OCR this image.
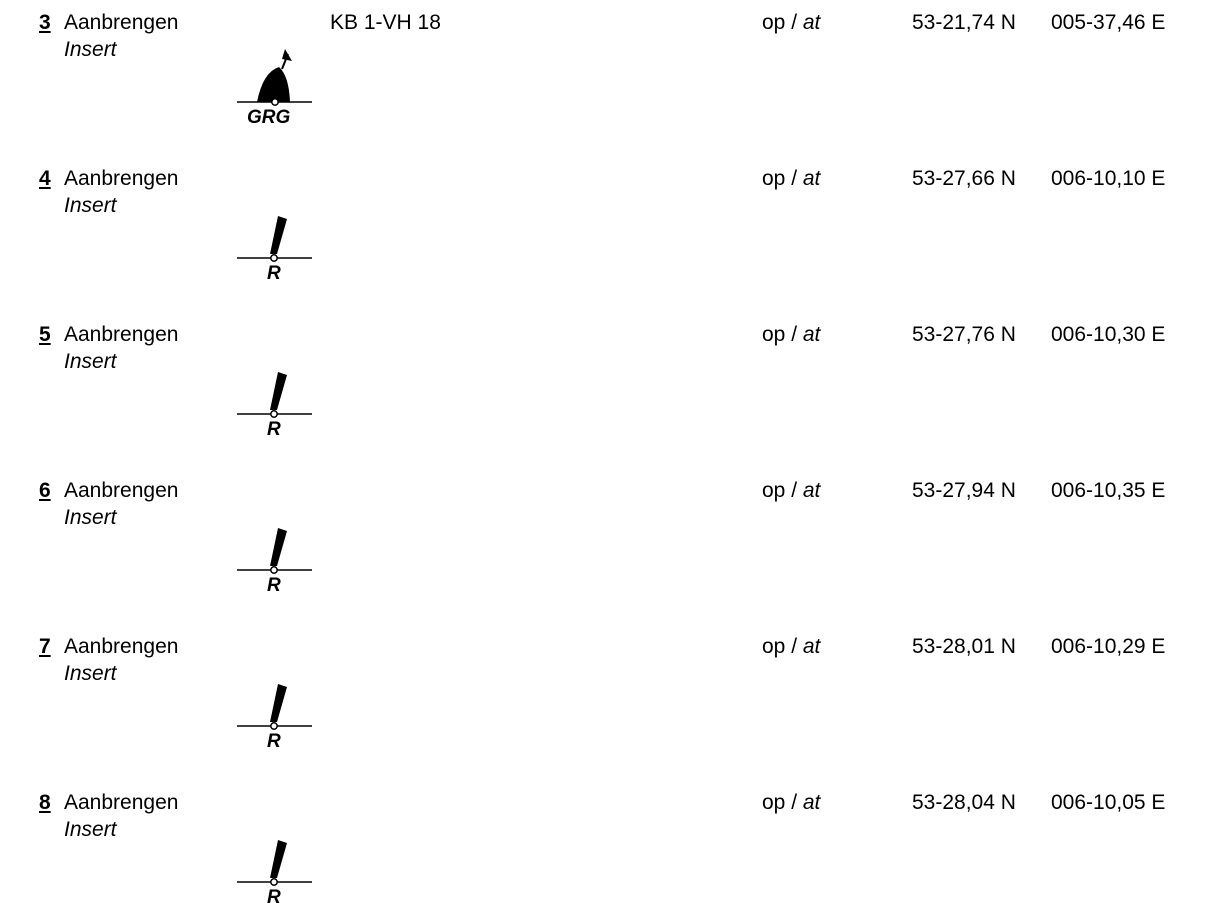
3 Aanbrengen
Insert
KB 1-VH 18	op / at	53-21,74 N 005-37,46 E
GRG
4 Aanbrengen
Insert
op / at	53-27,66 N 006-10,10 E
R
5 Aanbrengen
Insert
op / at	53-27,76 N 006-10,30 E
R
6 Aanbrengen
Insert
op / at	53-27,94 N 006-10,35 E
R
7 Aanbrengen
Insert
op / at	53-28,01 N 006-10,29 E
R
8 Aanbrengen
Insert
op / at	53-28,04 N 006-10,05 E
R
